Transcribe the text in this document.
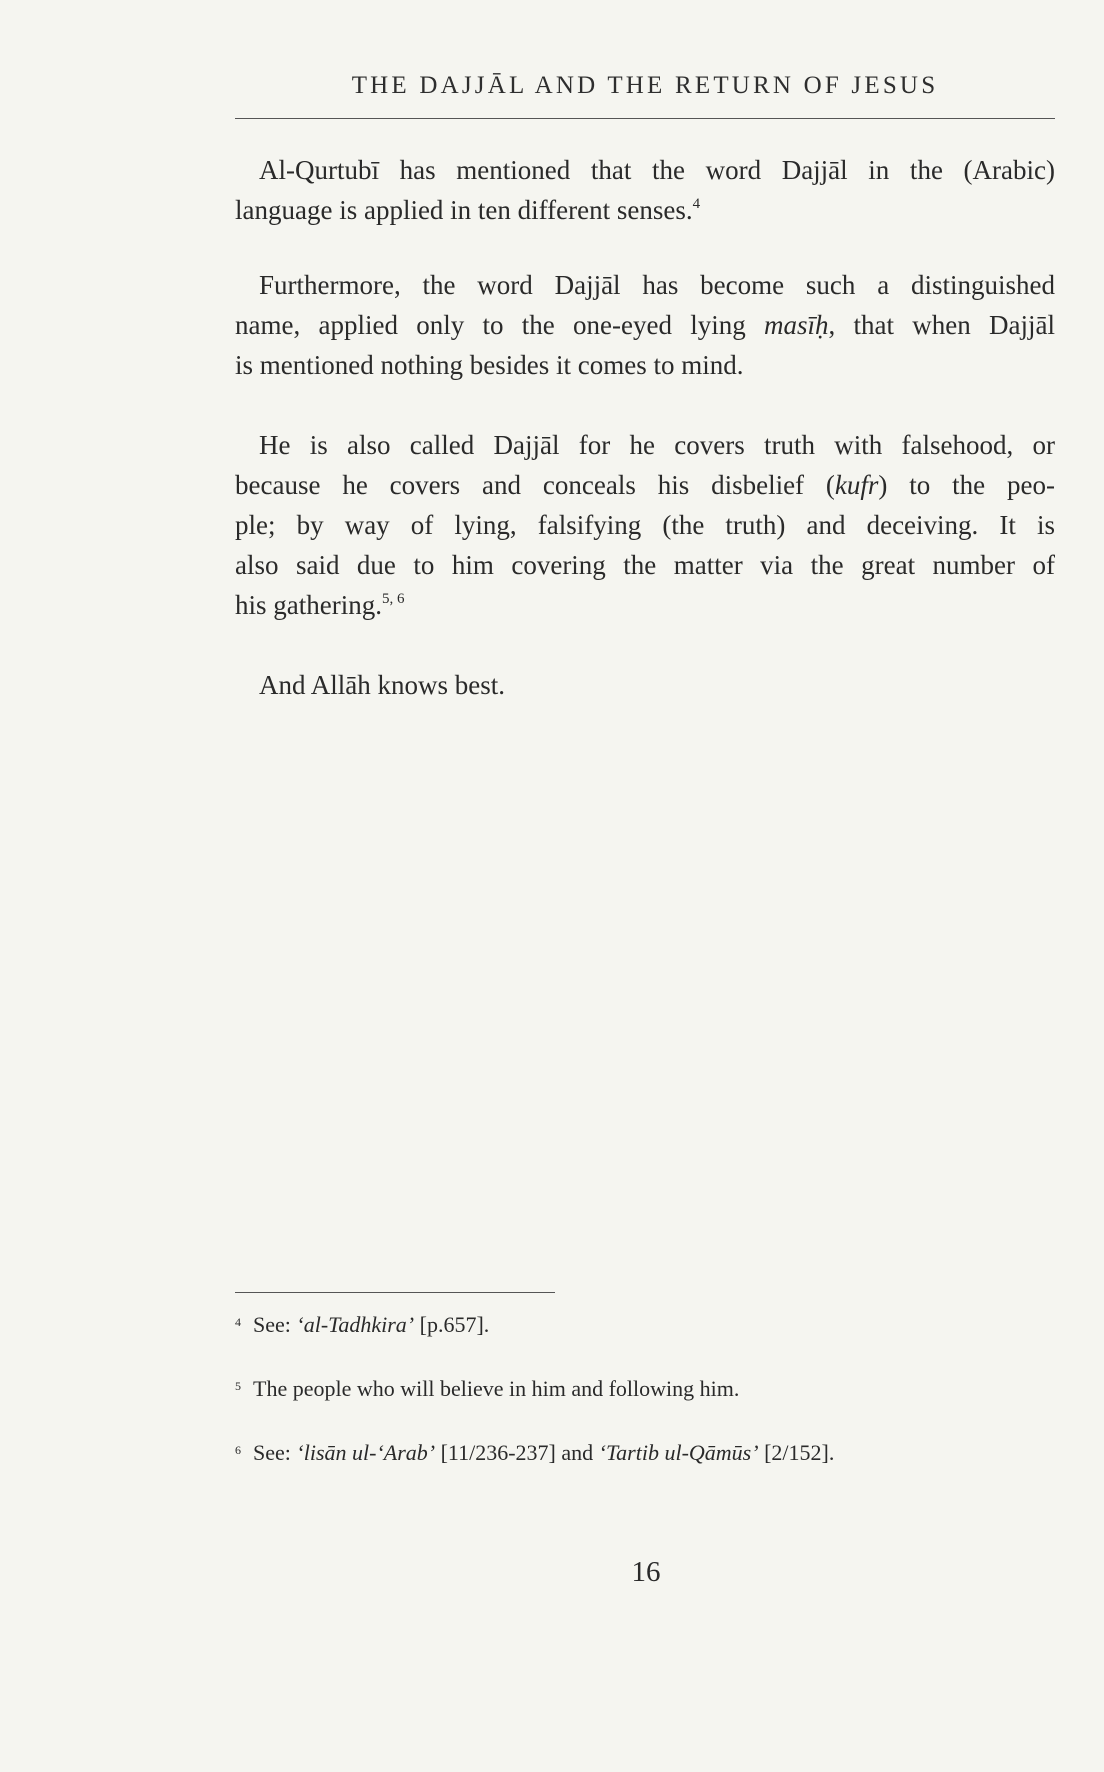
THE DAJJĀL AND THE RETURN OF JESUS
Al-Qurtubī has mentioned that the word Dajjāl in the (Arabic)
language is applied in ten different senses.$^4$
Furthermore, the word Dajjāl has become such a distinguished
name, applied only to the one-eyed lying masīḥ, that when Dajjāl
is mentioned nothing besides it comes to mind.
He is also called Dajjāl for he covers truth with falsehood, or
because he covers and conceals his disbelief (kufr) to the peo-
ple; by way of lying, falsifying (the truth) and deceiving. It is
also said due to him covering the matter via the great number of
his gathering.$^{5, 6}$
And Allāh knows best.
$^4$ See: ‘al-Tadhkira’ [p.657].
$^5$ The people who will believe in him and following him.
$^6$ See: ‘lisān ul-‘Arab’ [11/236-237] and ‘Tartib ul-Qāmūs’ [2/152].
16
